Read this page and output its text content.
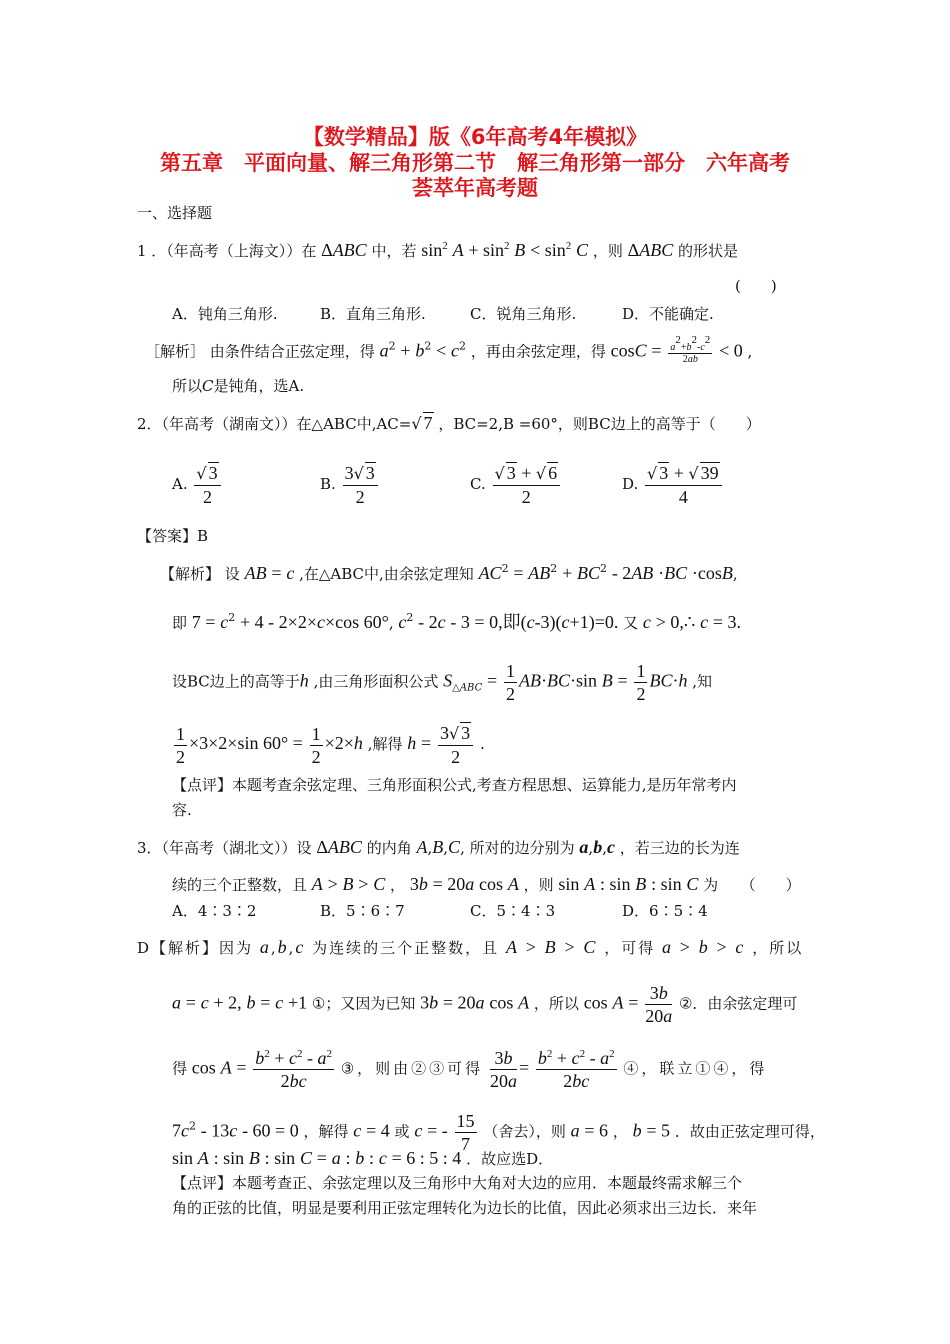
【数学精品】版《6年高考4年模拟》
第五章　平面向量、解三角形第二节　解三角形第一部分　六年高考
荟萃年高考题
一、选择题
1 ．（年高考（上海文））在 ΔABC 中，若 $\sin^2 A + \sin^2 B < \sin^2 C$ ，则 ΔABC 的形状是
(　　)
A．钝角三角形.	B．直角三角形.	C．锐角三角形.	D．不能确定.
［解析］ 由条件结合正弦定理，得 $a^2 + b^2 < c^2$ ，再由余弦定理，得 $\cos C = \frac{a^2+b^2-c^2}{2ab} < 0$ ,
所以C是钝角，选A.
2．（年高考（湖南文））在△ABC中,AC=√ 7 ，BC=2,B =60°，则BC边上的高等于（　　）
A. $\frac{√ 3}{2}$	B. $\frac{3√ 3}{2}$	C. $\frac{√ 3 + √ 6}{2}$	D. $\frac{√ 3 + √ 39}{4}$
【答案】B
【解析】 设 AB = c ,在△ABC中,由余弦定理知 $AC^2 = AB^2 + BC^2 - 2AB \cdot BC \cdot\cos B$,
即 $7 = c^2 + 4 - 2\times 2\times c\times\cos$ 60°, $c^2 - 2c - 3 = 0$,即(c-3)(c+1)=0. 又 c > 0,∴ c = 3.
设BC边上的高等于h ,由三角形面积公式 $S_{\triangle ABC} = \frac{1}{2} AB\cdot BC\cdot\sin$ $B = \frac{1}{2} BC\cdot h$ ,知
$\frac{1}{2} \times 3\times 2\times\sin$ $60^\circ = \frac{1}{2} \times 2\times h$ ,解得 $h = \frac{3√ 3}{2}$ .
【点评】本题考查余弦定理、三角形面积公式,考查方程思想、运算能力,是历年常考内
容.
3．（年高考（湖北文））设 ΔABC 的内角 A,B,C, 所对的边分别为 a,b,c ，若三边的长为连
续的三个正整数，且 A > B > C ， 3b = 20a cos A ，则 sin A : sin B : sin C 为　　（　　）
A．4∶3∶2	B．5∶6∶7	C．5∶4∶3	D．6∶5∶4
D【解析】因为 a,b,c 为连续的三个正整数，且 A > B > C ，可得 a > b > c ，所以
a = c + 2, b = c +1 ①；又因为已知 3b = 20a cos A ，所以 $\cos A = \frac{3b}{20a}$ ②．由余弦定理可
得 $\cos A = \frac{b^2 + c^2 - a^2}{2bc}$ ③，则由②③可得 $\frac{3b}{20a} = \frac{b^2 + c^2 - a^2}{2bc}$ ④，联立①④，得
$7c^2 - 13c - 60 = 0$ ，解得 c = 4 或 c = - $\frac{15}{7}$ （舍去），则 a = 6 ， b = 5 ．故由正弦定理可得，
sin A : sin B : sin C = a : b : c = 6 : 5 : 4 ．故应选D．
【点评】本题考查正、余弦定理以及三角形中大角对大边的应用．本题最终需求解三个
角的正弦的比值，明显是要利用正弦定理转化为边长的比值，因此必须求出三边长．来年
